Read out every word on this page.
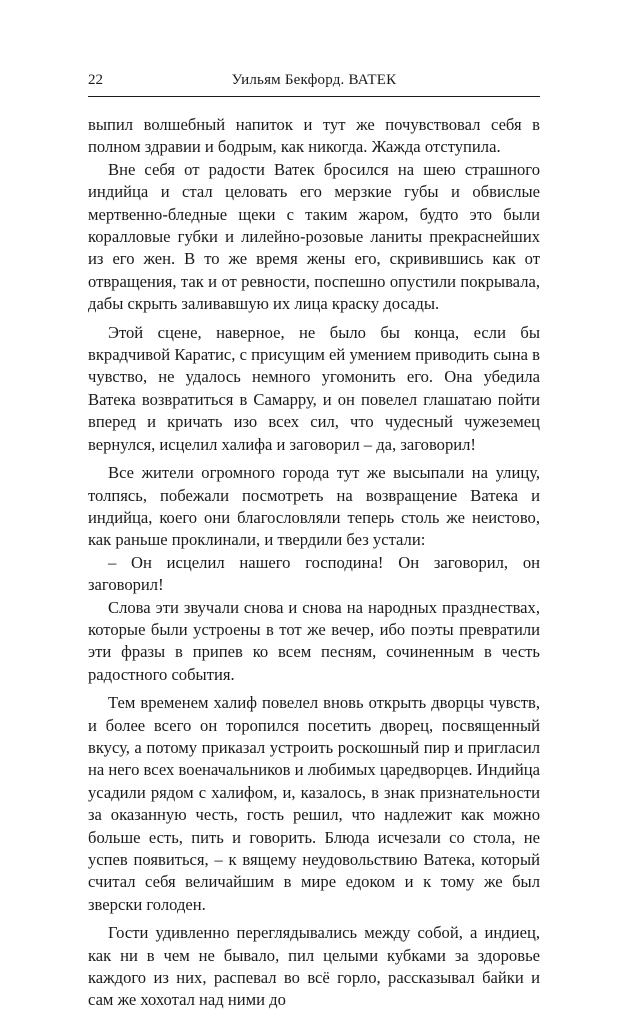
22	Уильям Бекфорд. ВАТЕК

выпил волшебный напиток и тут же почувствовал себя в полном здравии и бодрым, как никогда. Жажда отступила.

Вне себя от радости Ватек бросился на шею страшного индийца и стал целовать его мерзкие губы и обвислые мертвенно-бледные щеки с таким жаром, будто это были коралловые губки и лилейно-розовые ланиты прекраснейших из его жен. В то же время жены его, скривившись как от отвращения, так и от ревности, поспешно опустили покрывала, дабы скрыть заливавшую их лица краску досады.

Этой сцене, наверное, не было бы конца, если бы вкрадчивой Каратис, с присущим ей умением приводить сына в чувство, не удалось немного угомонить его. Она убедила Ватека возвратиться в Самарру, и он повелел глашатаю пойти вперед и кричать изо всех сил, что чудесный чужеземец вернулся, исцелил халифа и заговорил – да, заговорил!

Все жители огромного города тут же высыпали на улицу, толпясь, побежали посмотреть на возвращение Ватека и индийца, коего они благословляли теперь столь же неистово, как раньше проклинали, и твердили без устали:

– Он исцелил нашего господина! Он заговорил, он заговорил!

Слова эти звучали снова и снова на народных празднествах, которые были устроены в тот же вечер, ибо поэты превратили эти фразы в припев ко всем песням, сочиненным в честь радостного события.

Тем временем халиф повелел вновь открыть дворцы чувств, и более всего он торопился посетить дворец, посвященный вкусу, а потому приказал устроить роскошный пир и пригласил на него всех военачальников и любимых царедворцев. Индийца усадили рядом с халифом, и, казалось, в знак признательности за оказанную честь, гость решил, что надлежит как можно больше есть, пить и говорить. Блюда исчезали со стола, не успев появиться, – к вящему неудовольствию Ватека, который считал себя величайшим в мире едоком и к тому же был зверски голоден.

Гости удивленно переглядывались между собой, а индиец, как ни в чем не бывало, пил целыми кубками за здоровье каждого из них, распевал во всё горло, рассказывал байки и сам же хохотал над ними до
